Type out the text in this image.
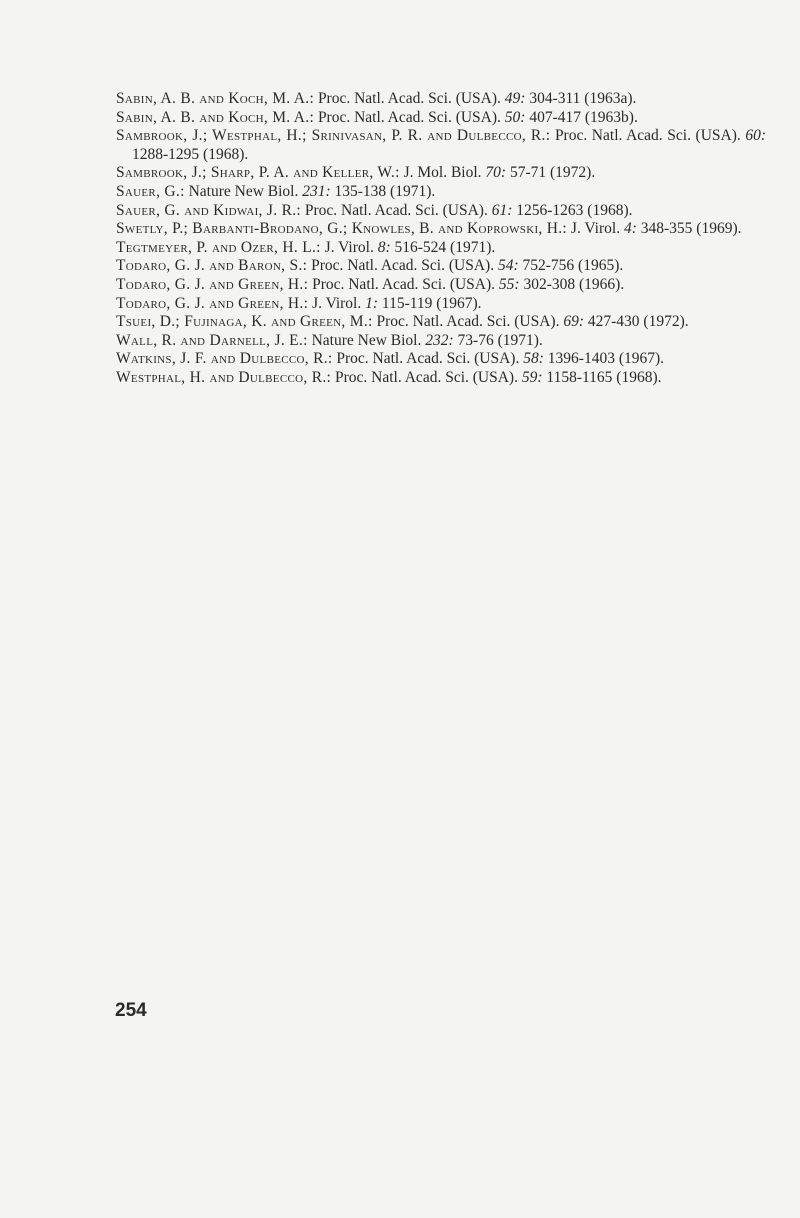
Sabin, A. B. and Koch, M. A.: Proc. Natl. Acad. Sci. (USA). 49: 304-311 (1963a).
Sabin, A. B. and Koch, M. A.: Proc. Natl. Acad. Sci. (USA). 50: 407-417 (1963b).
Sambrook, J.; Westphal, H.; Srinivasan, P. R. and Dulbecco, R.: Proc. Natl. Acad. Sci. (USA). 60: 1288-1295 (1968).
Sambrook, J.; Sharp, P. A. and Keller, W.: J. Mol. Biol. 70: 57-71 (1972).
Sauer, G.: Nature New Biol. 231: 135-138 (1971).
Sauer, G. and Kidwai, J. R.: Proc. Natl. Acad. Sci. (USA). 61: 1256-1263 (1968).
Swetly, P.; Barbanti-Brodano, G.; Knowles, B. and Koprowski, H.: J. Virol. 4: 348-355 (1969).
Tegtmeyer, P. and Ozer, H. L.: J. Virol. 8: 516-524 (1971).
Todaro, G. J. and Baron, S.: Proc. Natl. Acad. Sci. (USA). 54: 752-756 (1965).
Todaro, G. J. and Green, H.: Proc. Natl. Acad. Sci. (USA). 55: 302-308 (1966).
Todaro, G. J. and Green, H.: J. Virol. 1: 115-119 (1967).
Tsuei, D.; Fujinaga, K. and Green, M.: Proc. Natl. Acad. Sci. (USA). 69: 427-430 (1972).
Wall, R. and Darnell, J. E.: Nature New Biol. 232: 73-76 (1971).
Watkins, J. F. and Dulbecco, R.: Proc. Natl. Acad. Sci. (USA). 58: 1396-1403 (1967).
Westphal, H. and Dulbecco, R.: Proc. Natl. Acad. Sci. (USA). 59: 1158-1165 (1968).

254
